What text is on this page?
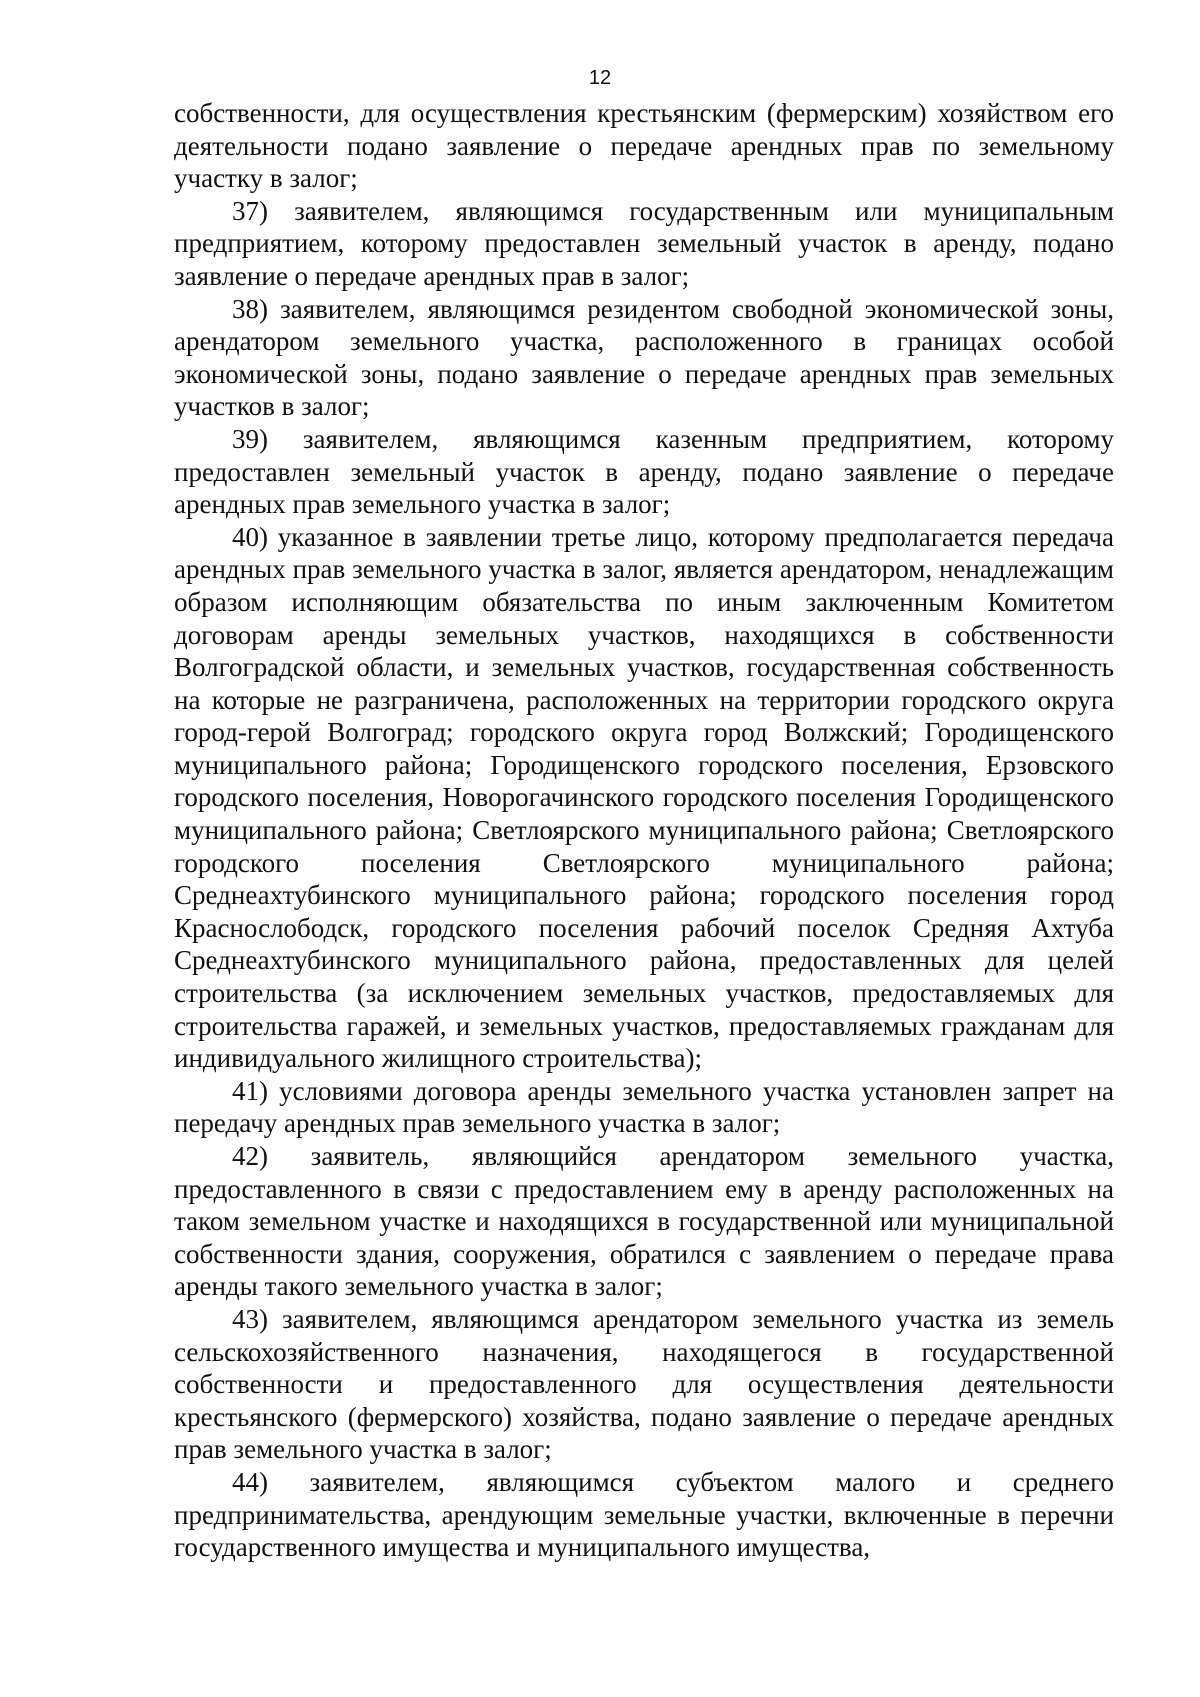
12

собственности, для осуществления крестьянским (фермерским) хозяйством его деятельности подано заявление о передаче арендных прав по земельному участку в залог;

37) заявителем, являющимся государственным или муниципальным предприятием, которому предоставлен земельный участок в аренду, подано заявление о передаче арендных прав в залог;

38) заявителем, являющимся резидентом свободной экономической зоны, арендатором земельного участка, расположенного в границах особой экономической зоны, подано заявление о передаче арендных прав земельных участков в залог;

39) заявителем, являющимся казенным предприятием, которому предоставлен земельный участок в аренду, подано заявление о передаче арендных прав земельного участка в залог;

40) указанное в заявлении третье лицо, которому предполагается передача арендных прав земельного участка в залог, является арендатором, ненадлежащим образом исполняющим обязательства по иным заключенным Комитетом договорам аренды земельных участков, находящихся в собственности Волгоградской области, и земельных участков, государственная собственность на которые не разграничена, расположенных на территории городского округа город-герой Волгоград; городского округа город Волжский; Городищенского муниципального района; Городищенского городского поселения, Ерзовского городского поселения, Новорогачинского городского поселения Городищенского муниципального района; Светлоярского муниципального района; Светлоярского городского поселения Светлоярского муниципального района; Среднеахтубинского муниципального района; городского поселения город Краснослободск, городского поселения рабочий поселок Средняя Ахтуба Среднеахтубинского муниципального района, предоставленных для целей строительства (за исключением земельных участков, предоставляемых для строительства гаражей, и земельных участков, предоставляемых гражданам для индивидуального жилищного строительства);

41) условиями договора аренды земельного участка установлен запрет на передачу арендных прав земельного участка в залог;

42) заявитель, являющийся арендатором земельного участка, предоставленного в связи с предоставлением ему в аренду расположенных на таком земельном участке и находящихся в государственной или муниципальной собственности здания, сооружения, обратился с заявлением о передаче права аренды такого земельного участка в залог;

43) заявителем, являющимся арендатором земельного участка из земель сельскохозяйственного назначения, находящегося в государственной собственности и предоставленного для осуществления деятельности крестьянского (фермерского) хозяйства, подано заявление о передаче арендных прав земельного участка в залог;

44) заявителем, являющимся субъектом малого и среднего предпринимательства, арендующим земельные участки, включенные в перечни государственного имущества и муниципального имущества,
